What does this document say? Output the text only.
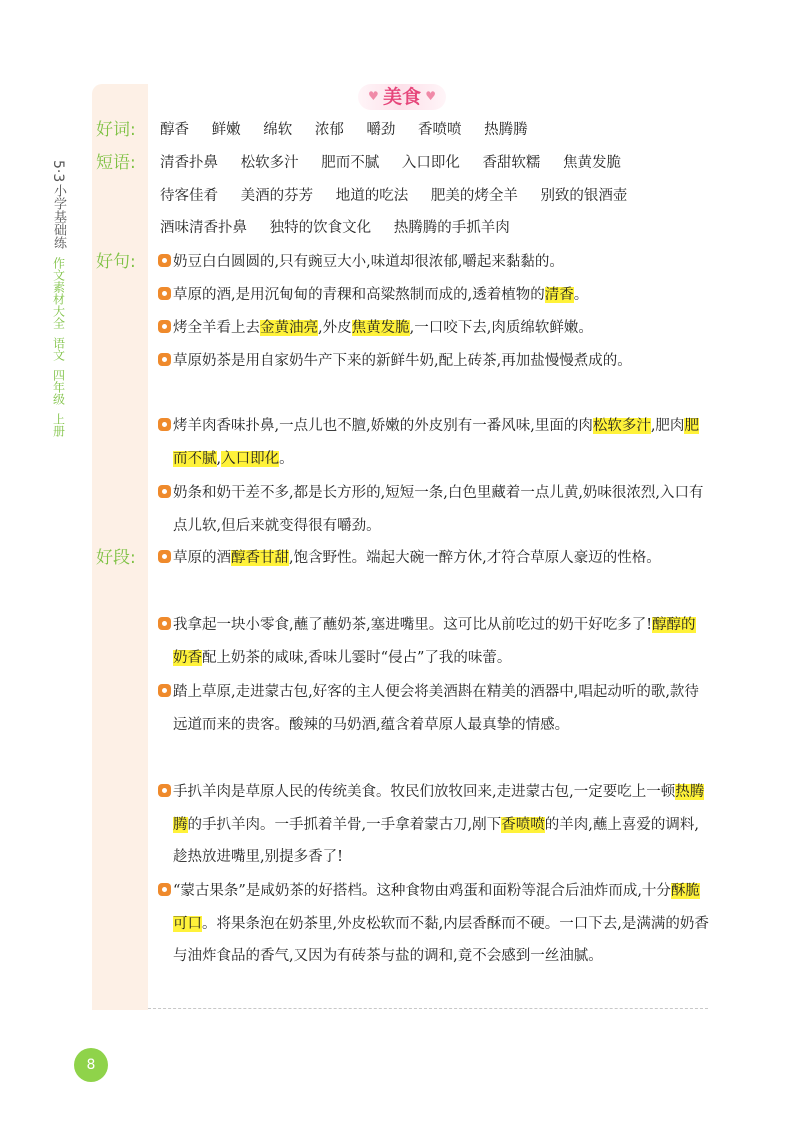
5·3
小学基础练
作文素材大全
语文
四年级
上册
♥ 美食 ♥
好词: 醇香 鲜嫩 绵软 浓郁 嚼劲 香喷喷 热腾腾
短语: 清香扑鼻 松软多汁 肥而不腻 入口即化 香甜软糯 焦黄发脆
待客佳肴 美酒的芬芳 地道的吃法 肥美的烤全羊 别致的银酒壶
酒味清香扑鼻 独特的饮食文化 热腾腾的手抓羊肉
好句:	奶豆白白圆圆的,只有豌豆大小,味道却很浓郁,嚼起来黏黏的。
草原的酒,是用沉甸甸的青稞和高粱熬制而成的,透着植物的清香。
烤全羊看上去金黄油亮,外皮焦黄发脆,一口咬下去,肉质绵软鲜嫩。
草原奶茶是用自家奶牛产下来的新鲜牛奶,配上砖茶,再加盐慢慢煮成的。
烤羊肉香味扑鼻,一点儿也不膻,娇嫩的外皮别有一番风味,里面的肉松软多汁,肥肉肥而不腻,入口即化。
奶条和奶干差不多,都是长方形的,短短一条,白色里藏着一点儿黄,奶味很浓烈,入口有点儿软,但后来就变得很有嚼劲。
好段:	草原的酒醇香甘甜,饱含野性。端起大碗一醉方休,才符合草原人豪迈的性格。
我拿起一块小零食,蘸了蘸奶茶,塞进嘴里。这可比从前吃过的奶干好吃多了!醇醇的奶香配上奶茶的咸味,香味儿霎时“侵占”了我的味蕾。
踏上草原,走进蒙古包,好客的主人便会将美酒斟在精美的酒器中,唱起动听的歌,款待远道而来的贵客。酸辣的马奶酒,蕴含着草原人最真挚的情感。
手扒羊肉是草原人民的传统美食。牧民们放牧回来,走进蒙古包,一定要吃上一顿热腾腾的手扒羊肉。一手抓着羊骨,一手拿着蒙古刀,剐下香喷喷的羊肉,蘸上喜爱的调料,趁热放进嘴里,别提多香了!
“蒙古果条”是咸奶茶的好搭档。这种食物由鸡蛋和面粉等混合后油炸而成,十分酥脆可口。将果条泡在奶茶里,外皮松软而不黏,内层香酥而不硬。一口下去,是满满的奶香与油炸食品的香气,又因为有砖茶与盐的调和,竟不会感到一丝油腻。
8
